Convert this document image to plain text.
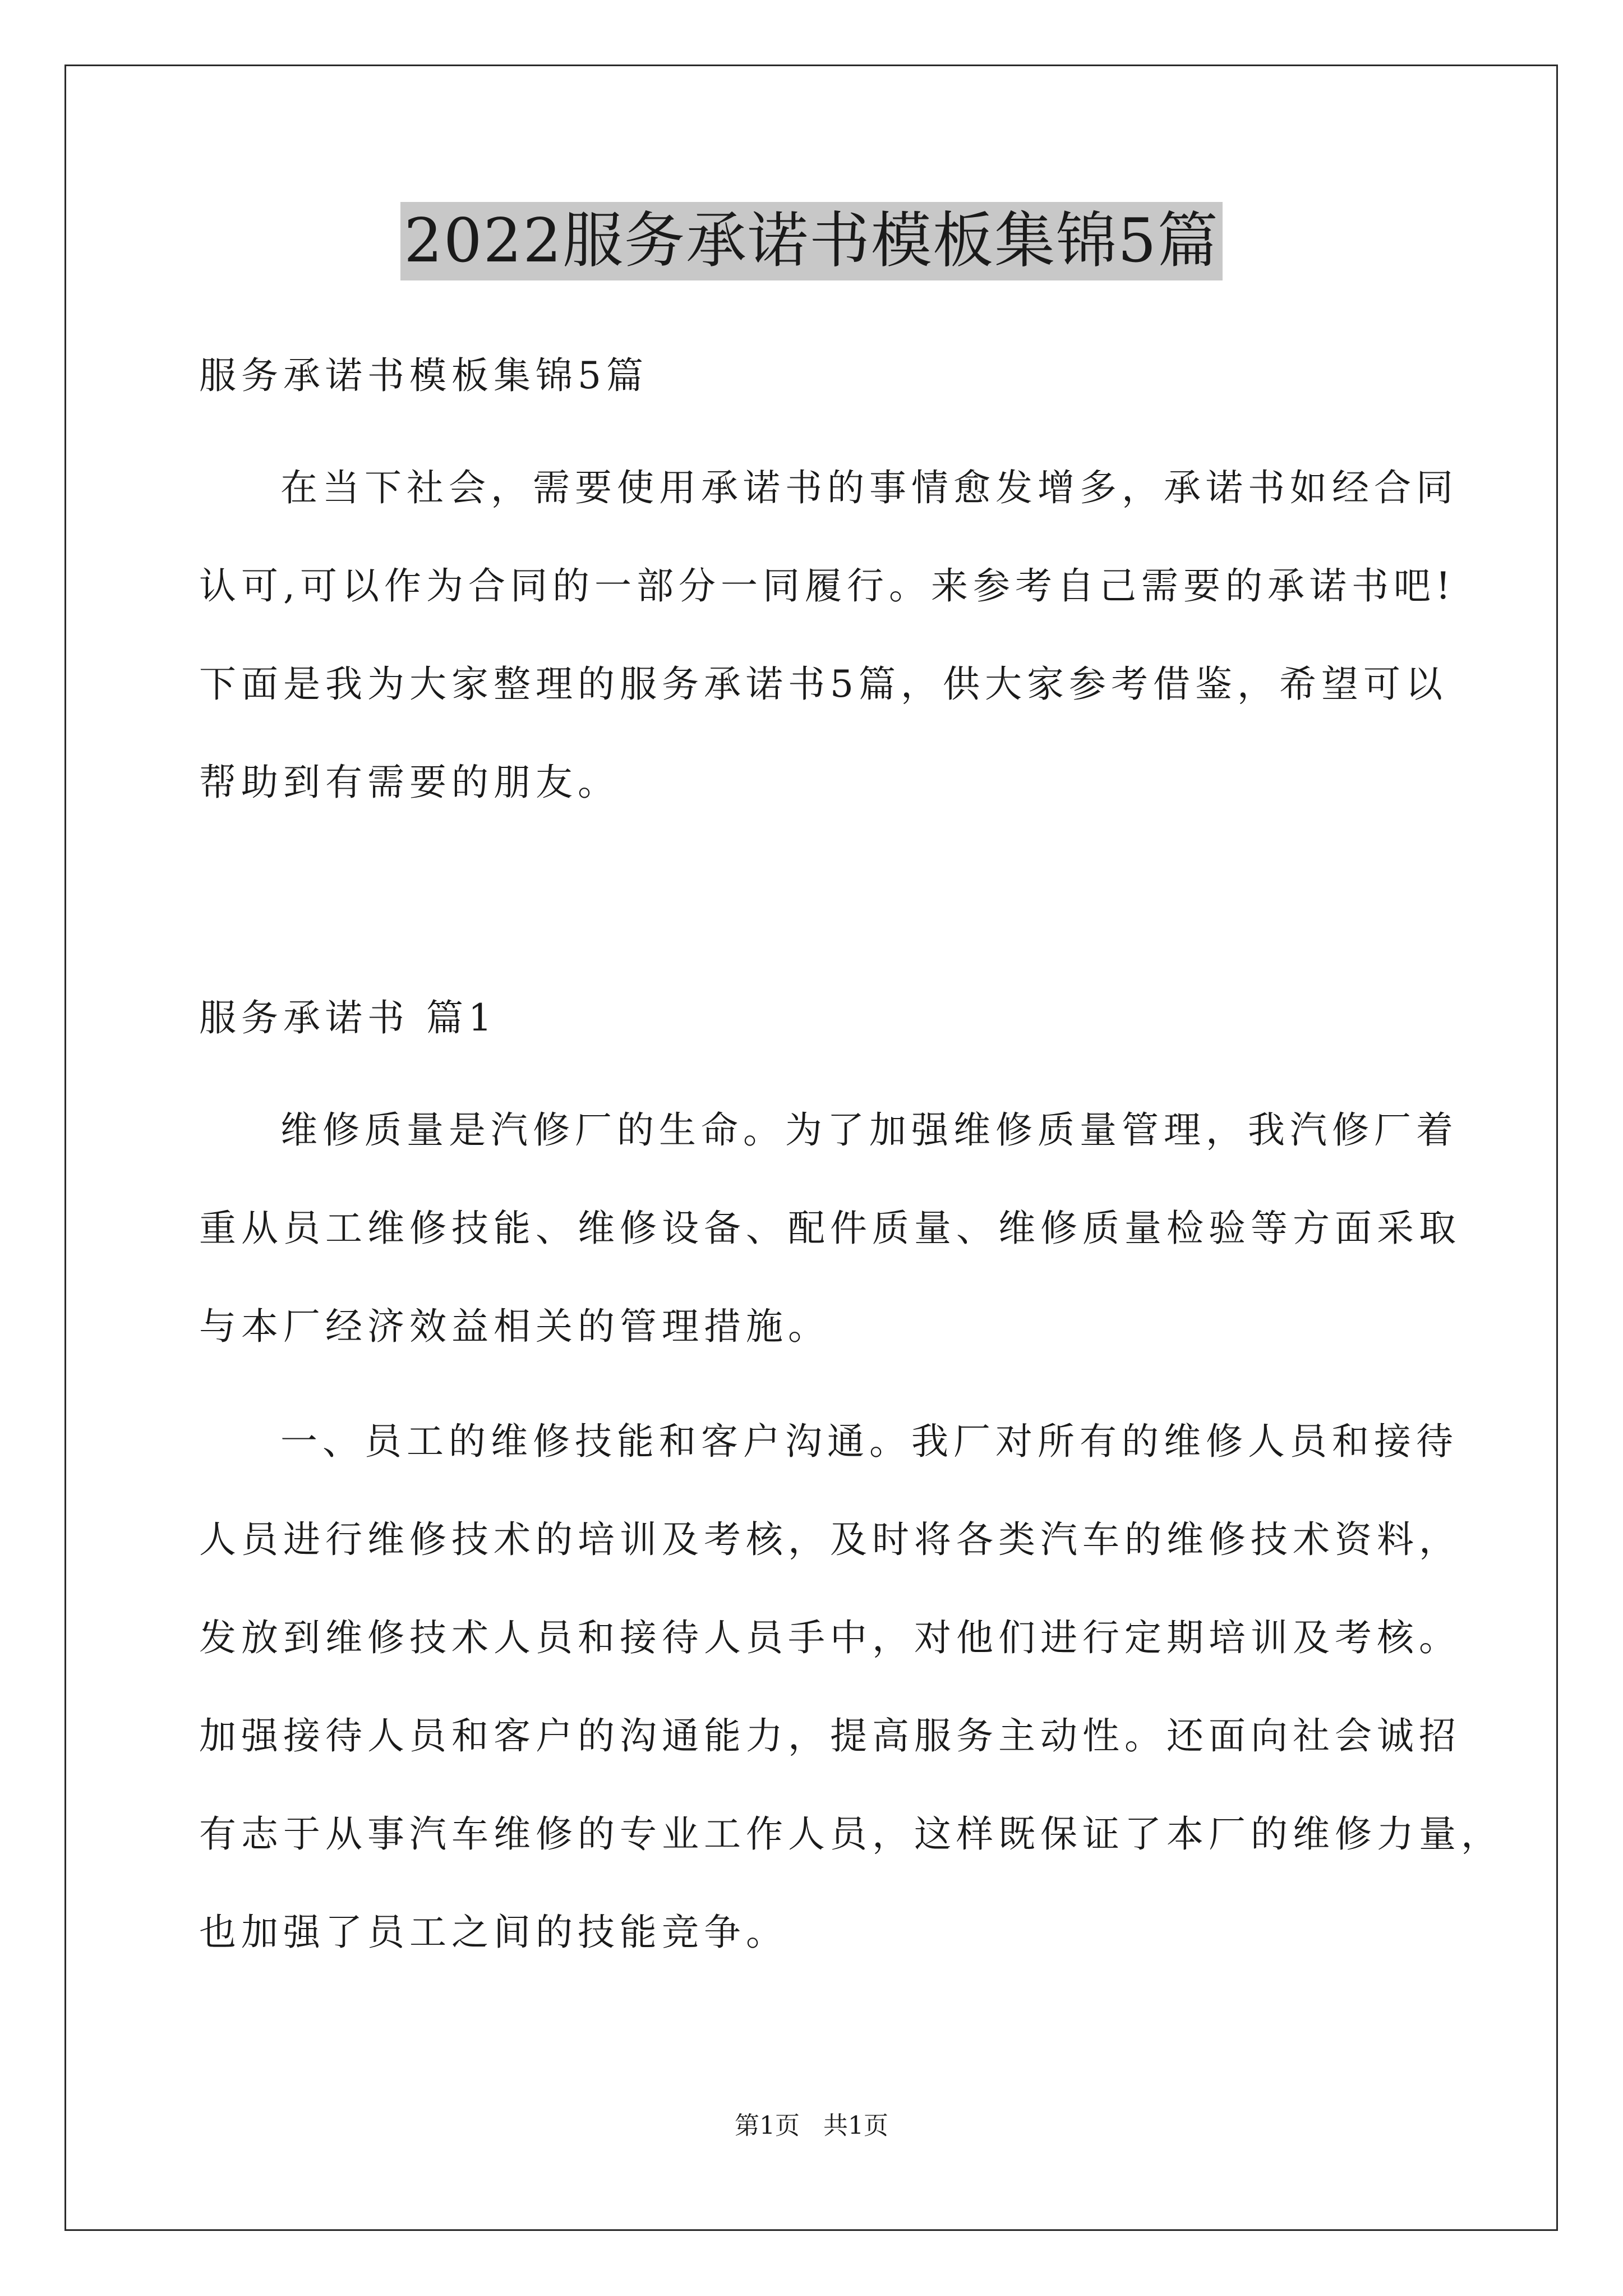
2022服务承诺书模板集锦5篇
服务承诺书模板集锦5篇
在当下社会，需要使用承诺书的事情愈发增多，承诺书如经合同
认可,可以作为合同的一部分一同履行。来参考自己需要的承诺书吧!
下面是我为大家整理的服务承诺书5篇，供大家参考借鉴，希望可以
帮助到有需要的朋友。
服务承诺书 篇1
维修质量是汽修厂的生命。为了加强维修质量管理，我汽修厂着
重从员工维修技能、维修设备、配件质量、维修质量检验等方面采取
与本厂经济效益相关的管理措施。
一、员工的维修技能和客户沟通。我厂对所有的维修人员和接待
人员进行维修技术的培训及考核，及时将各类汽车的维修技术资料，
发放到维修技术人员和接待人员手中，对他们进行定期培训及考核。
加强接待人员和客户的沟通能力，提高服务主动性。还面向社会诚招
有志于从事汽车维修的专业工作人员，这样既保证了本厂的维修力量，
也加强了员工之间的技能竞争。
第1页   共1页
